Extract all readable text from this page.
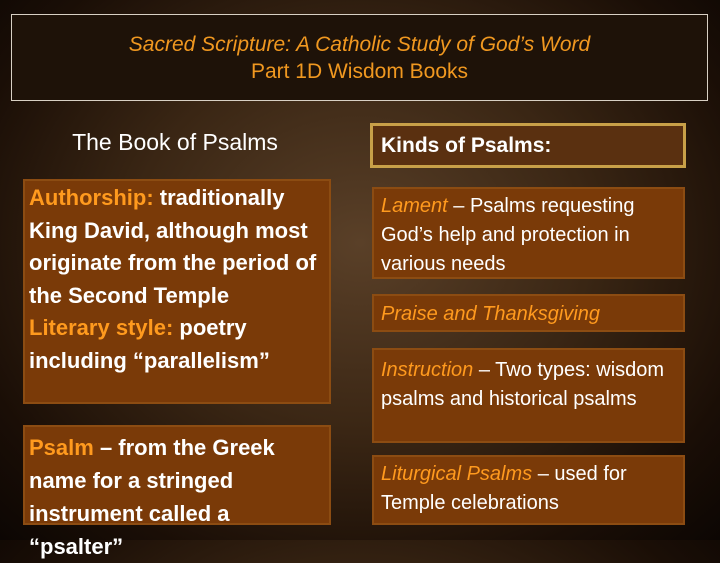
Sacred Scripture: A Catholic Study of God’s Word
Part 1D Wisdom Books
The Book of Psalms
Authorship: traditionally King David, although most originate from the period of the Second Temple
Literary style: poetry including “parallelism”
Psalm – from the Greek name for a stringed instrument called a “psalter”
Kinds of Psalms:
Lament – Psalms requesting God’s help and protection in various needs
Praise and Thanksgiving
Instruction – Two types: wisdom psalms and historical psalms
Liturgical Psalms – used for Temple celebrations
